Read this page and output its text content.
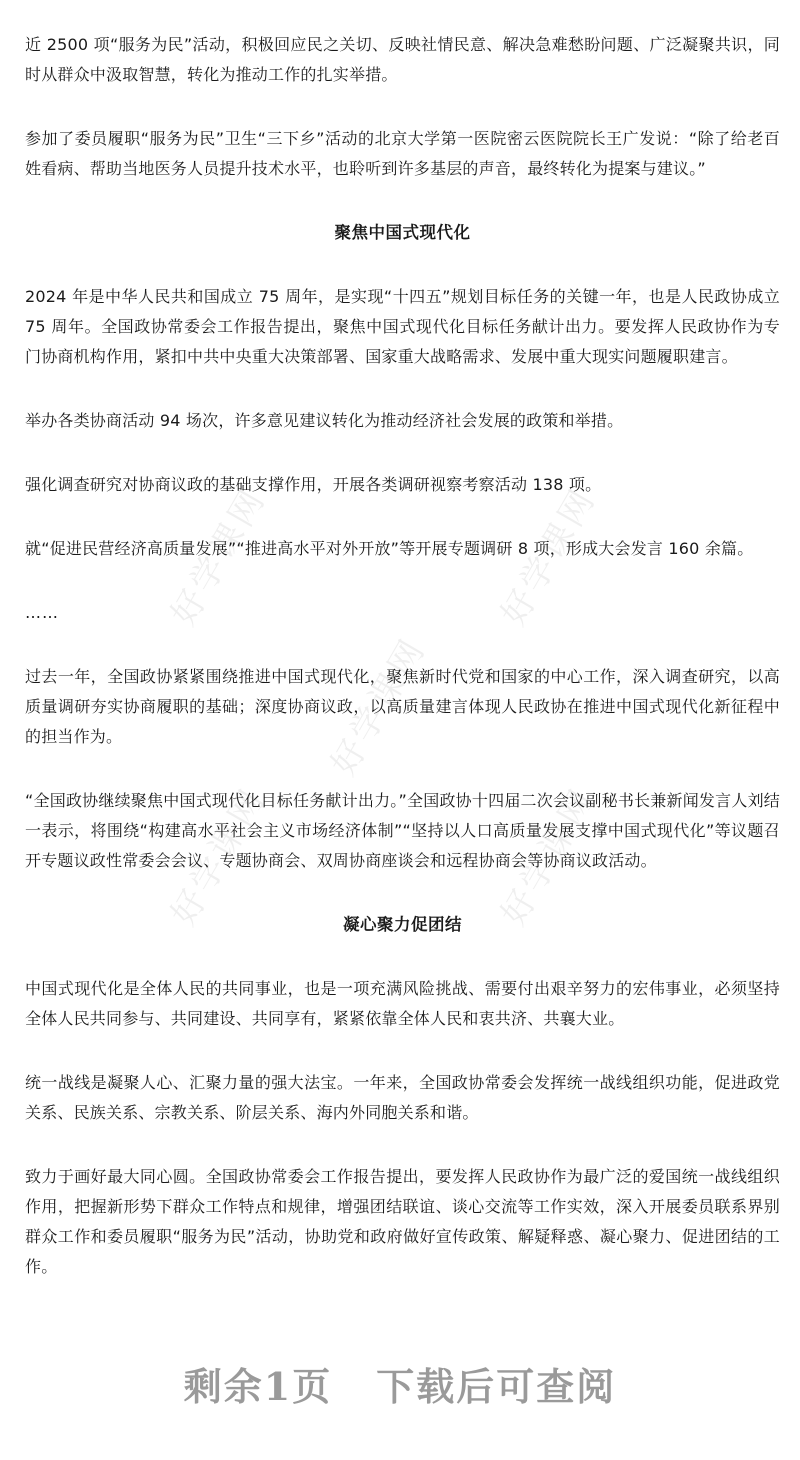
好学课网	好学课网
好学课网
好学课网	好学课网

近 2500 项“服务为民”活动，积极回应民之关切、反映社情民意、解决急难愁盼问题、广泛凝聚共识，同时从群众中汲取智慧，转化为推动工作的扎实举措。

参加了委员履职“服务为民”卫生“三下乡”活动的北京大学第一医院密云医院院长王广发说：“除了给老百姓看病、帮助当地医务人员提升技术水平，也聆听到许多基层的声音，最终转化为提案与建议。”

聚焦中国式现代化

2024 年是中华人民共和国成立 75 周年，是实现“十四五”规划目标任务的关键一年，也是人民政协成立 75 周年。全国政协常委会工作报告提出，聚焦中国式现代化目标任务献计出力。要发挥人民政协作为专门协商机构作用，紧扣中共中央重大决策部署、国家重大战略需求、发展中重大现实问题履职建言。

举办各类协商活动 94 场次，许多意见建议转化为推动经济社会发展的政策和举措。

强化调查研究对协商议政的基础支撑作用，开展各类调研视察考察活动 138 项。

就“促进民营经济高质量发展”“推进高水平对外开放”等开展专题调研 8 项，形成大会发言 160 余篇。

……

过去一年，全国政协紧紧围绕推进中国式现代化，聚焦新时代党和国家的中心工作，深入调查研究，以高质量调研夯实协商履职的基础；深度协商议政，以高质量建言体现人民政协在推进中国式现代化新征程中的担当作为。

“全国政协继续聚焦中国式现代化目标任务献计出力。”全国政协十四届二次会议副秘书长兼新闻发言人刘结一表示，将围绕“构建高水平社会主义市场经济体制”“坚持以人口高质量发展支撑中国式现代化”等议题召开专题议政性常委会会议、专题协商会、双周协商座谈会和远程协商会等协商议政活动。

凝心聚力促团结

中国式现代化是全体人民的共同事业，也是一项充满风险挑战、需要付出艰辛努力的宏伟事业，必须坚持全体人民共同参与、共同建设、共同享有，紧紧依靠全体人民和衷共济、共襄大业。

统一战线是凝聚人心、汇聚力量的强大法宝。一年来，全国政协常委会发挥统一战线组织功能，促进政党关系、民族关系、宗教关系、阶层关系、海内外同胞关系和谐。

致力于画好最大同心圆。全国政协常委会工作报告提出，要发挥人民政协作为最广泛的爱国统一战线组织作用，把握新形势下群众工作特点和规律，增强团结联谊、谈心交流等工作实效，深入开展委员联系界别群众工作和委员履职“服务为民”活动，协助党和政府做好宣传政策、解疑释惑、凝心聚力、促进团结的工作。

剩余1页 下载后可查阅
